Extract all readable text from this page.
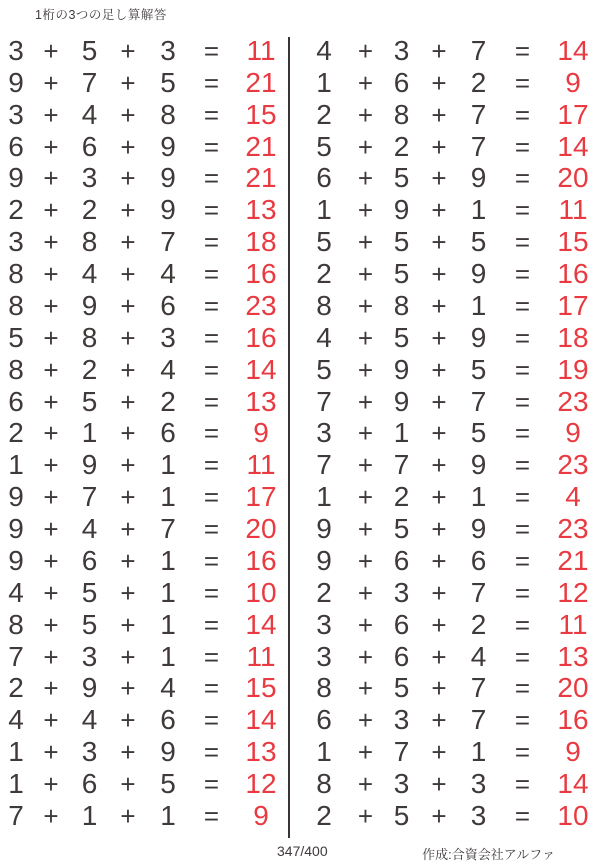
1桁の3つの足し算解答
3 + 5 + 3	= 11
9 + 7 + 5	= 21
3 + 4 + 8	= 15
6 + 6 + 9	= 21
9 + 3 + 9	= 21
2 + 2 + 9	= 13
3 + 8 + 7	= 18
8 + 4 + 4	= 16
8 + 9 + 6	= 23
5 + 8 + 3	= 16
8 + 2 + 4	= 14
6 + 5 + 2	= 13
2 + 1 + 6	=	9
1 + 9 + 1	= 11
9 + 7 + 1	= 17
9 + 4 + 7	= 20
9 + 6 + 1	= 16
4 + 5 + 1	= 10
8 + 5 + 1	= 14
7 + 3 + 1	= 11
2 + 9 + 4	= 15
4 + 4 + 6	= 14
1 + 3 + 9	= 13
1 + 6 + 5	= 12
7 + 1 + 1	=	9
4	+ 3 + 7	= 14
1	+ 6 + 2	=	9
2	+ 8 + 7	= 17
5	+ 2 + 7	= 14
6	+ 5 + 9	= 20
1	+ 9 + 1	=	11
5	+ 5 + 5	= 15
2	+ 5 + 9	= 16
8	+ 8 + 1	= 17
4	+ 5 + 9	= 18
5	+ 9 + 5	= 19
7	+ 9 + 7	= 23
3	+ 1 + 5	=	9
7	+ 7 + 9	= 23
1	+ 2 + 1	=	4
9	+ 5 + 9	= 23
9	+ 6 + 6	= 21
2	+ 3 + 7	= 12
3	+ 6 + 2	=	11
3	+ 6 + 4	= 13
8	+ 5 + 7	= 20
6	+ 3 + 7	= 16
1	+ 7 + 1	=	9
8	+ 3 + 3	= 14
2	+ 5 + 3	= 10
347/400	作成:合資会社アルファ
